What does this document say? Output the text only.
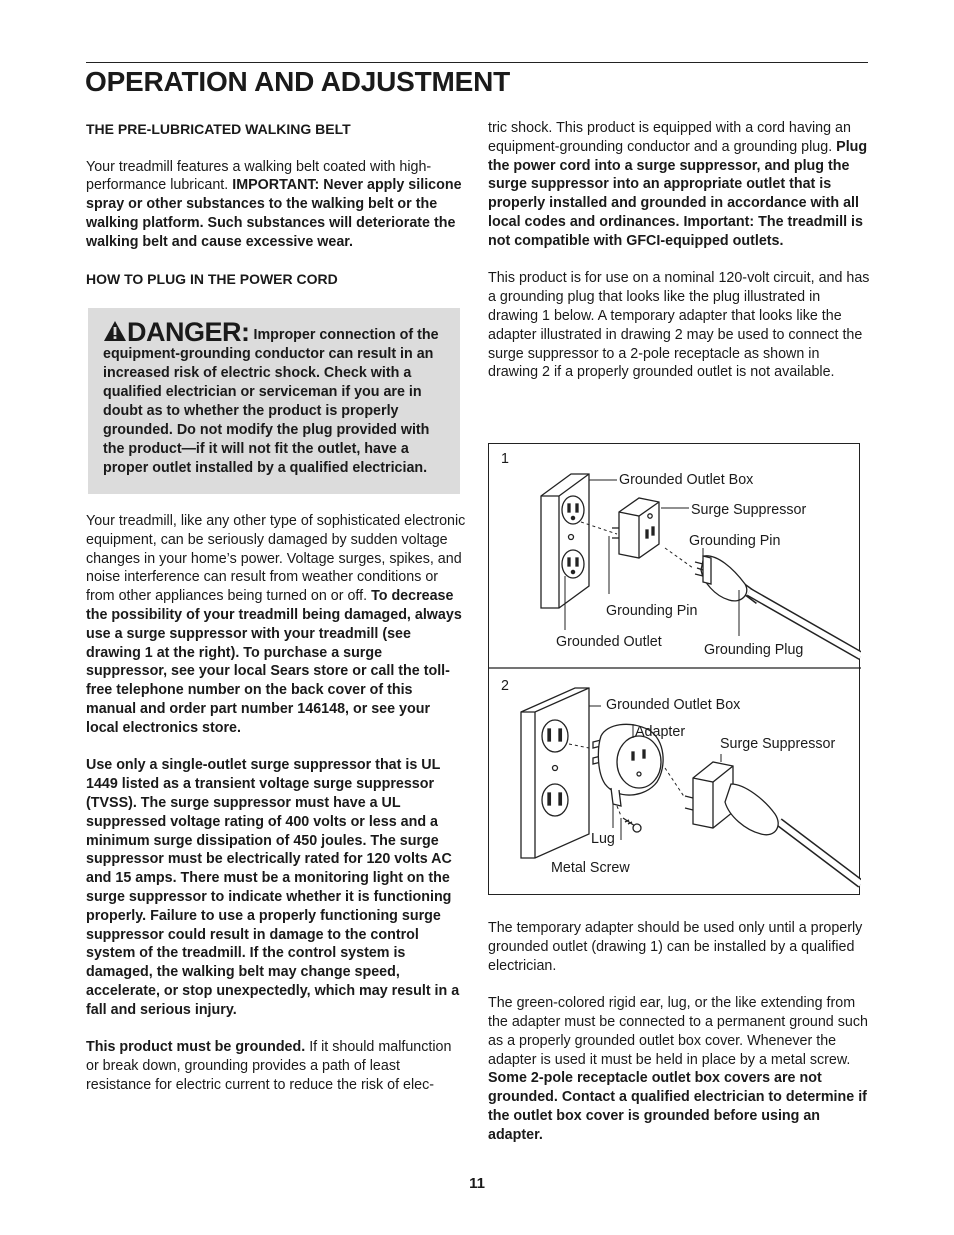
OPERATION AND ADJUSTMENT

THE PRE-LUBRICATED WALKING BELT

Your treadmill features a walking belt coated with high-performance lubricant. IMPORTANT: Never apply silicone spray or other substances to the walking belt or the walking platform. Such substances will deteriorate the walking belt and cause excessive wear.

HOW TO PLUG IN THE POWER CORD

DANGER: Improper connection of the equipment-grounding conductor can result in an increased risk of electric shock. Check with a qualified electrician or serviceman if you are in doubt as to whether the product is properly grounded. Do not modify the plug provided with the product—if it will not fit the outlet, have a proper outlet installed by a qualified electrician.

Your treadmill, like any other type of sophisticated electronic equipment, can be seriously damaged by sudden voltage changes in your home’s power. Voltage surges, spikes, and noise interference can result from weather conditions or from other appliances being turned on or off. To decrease the possibility of your treadmill being damaged, always use a surge suppressor with your treadmill (see drawing 1 at the right). To purchase a surge suppressor, see your local Sears store or call the toll-free telephone number on the back cover of this manual and order part number 146148, or see your local electronics store.

Use only a single-outlet surge suppressor that is UL 1449 listed as a transient voltage surge suppressor (TVSS). The surge suppressor must have a UL suppressed voltage rating of 400 volts or less and a minimum surge dissipation of 450 joules. The surge suppressor must be electrically rated for 120 volts AC and 15 amps. There must be a monitoring light on the surge suppressor to indicate whether it is functioning properly. Failure to use a properly functioning surge suppressor could result in damage to the control system of the treadmill. If the control system is damaged, the walking belt may change speed, accelerate, or stop unexpectedly, which may result in a fall and serious injury.

This product must be grounded. If it should malfunction or break down, grounding provides a path of least resistance for electric current to reduce the risk of elec-

tric shock. This product is equipped with a cord having an equipment-grounding conductor and a grounding plug. Plug the power cord into a surge suppressor, and plug the surge suppressor into an appropriate outlet that is properly installed and grounded in accordance with all local codes and ordinances. Important: The treadmill is not compatible with GFCI-equipped outlets.

This product is for use on a nominal 120-volt circuit, and has a grounding plug that looks like the plug illustrated in drawing 1 below. A temporary adapter that looks like the adapter illustrated in drawing 2 may be used to connect the surge suppressor to a 2-pole receptacle as shown in drawing 2 if a properly grounded outlet is not available.

1
Grounded Outlet Box
Surge Suppressor
Grounding Pin
Grounding Pin
Grounded Outlet	Grounding Plug
2
Grounded Outlet Box
Adapter
Surge Suppressor
Lug
Metal Screw

The temporary adapter should be used only until a properly grounded outlet (drawing 1) can be installed by a qualified electrician.

The green-colored rigid ear, lug, or the like extending from the adapter must be connected to a permanent ground such as a properly grounded outlet box cover. Whenever the adapter is used it must be held in place by a metal screw. Some 2-pole receptacle outlet box covers are not grounded. Contact a qualified electrician to determine if the outlet box cover is grounded before using an adapter.

11
